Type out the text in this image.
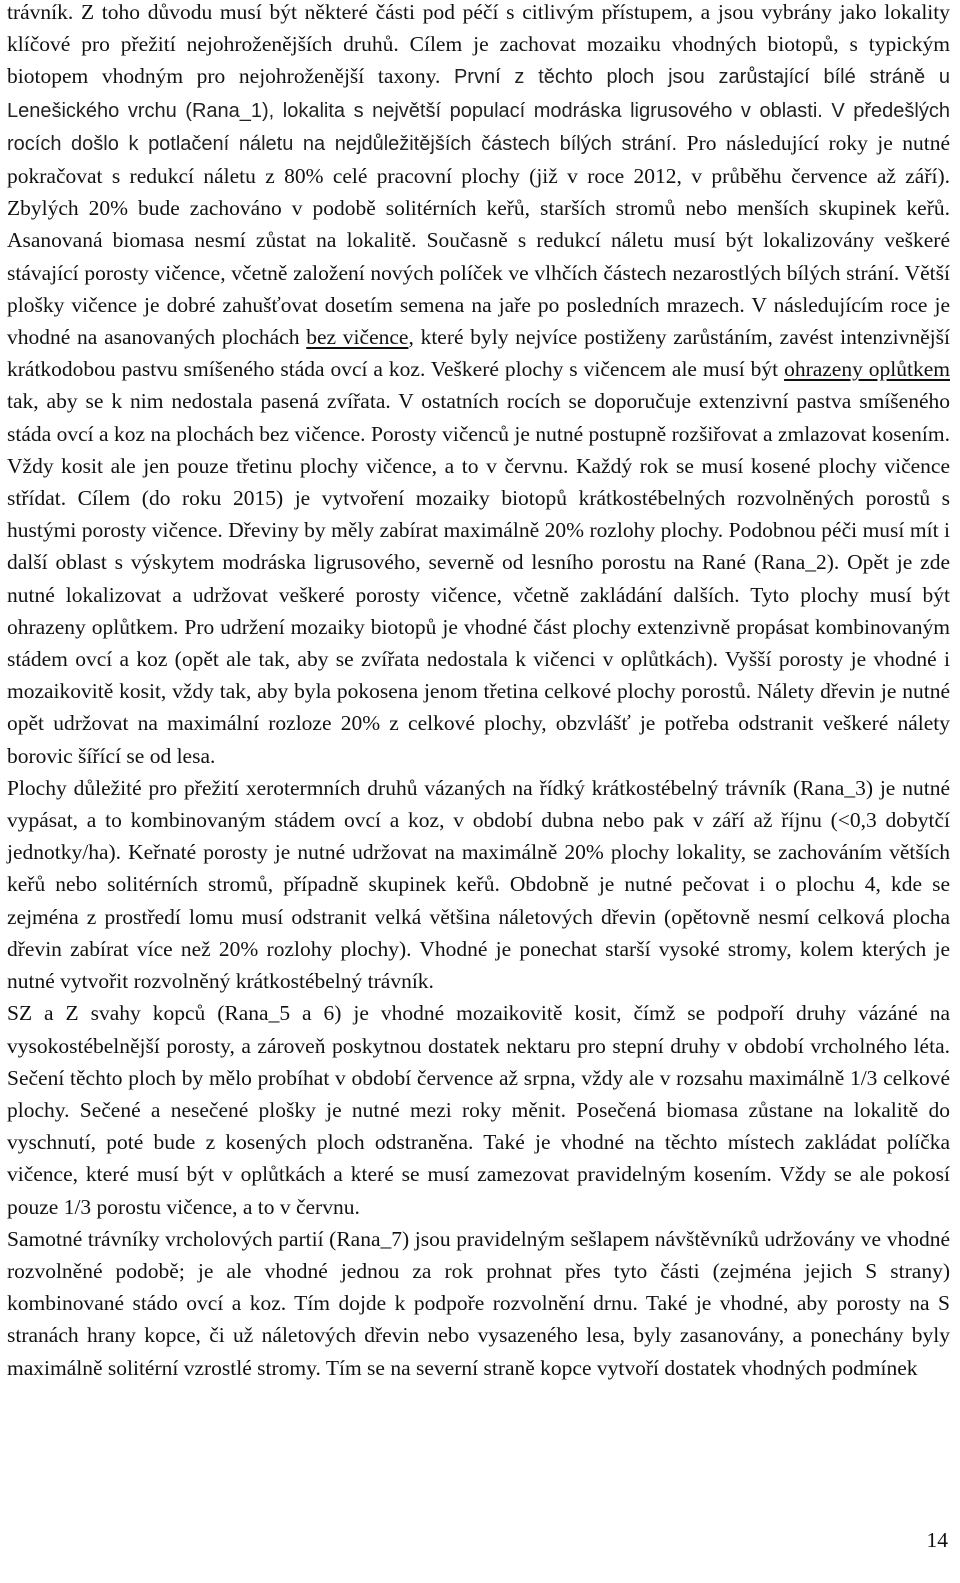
trávník. Z toho důvodu musí být některé části pod péčí s citlivým přístupem, a jsou vybrány jako lokality klíčové pro přežití nejohroženějších druhů. Cílem je zachovat mozaiku vhodných biotopů, s typickým biotopem vhodným pro nejohroženější taxony. První z těchto ploch jsou zarůstající bílé stráně u Lenešického vrchu (Rana_1), lokalita s největší populací modráska ligrusového v oblasti. V předešlých rocích došlo k potlačení náletu na nejdůležitějších částech bílých strání. Pro následující roky je nutné pokračovat s redukcí náletu z 80% celé pracovní plochy (již v roce 2012, v průběhu července až září). Zbylých 20% bude zachováno v podobě solitérních keřů, starších stromů nebo menších skupinek keřů. Asanovaná biomasa nesmí zůstat na lokalitě. Současně s redukcí náletu musí být lokalizovány veškeré stávající porosty vičence, včetně založení nových políček ve vlhčích částech nezarostlých bílých strání. Větší plošky vičence je dobré zahušťovat dosetím semena na jaře po posledních mrazech. V následujícím roce je vhodné na asanovaných plochách bez vičence, které byly nejvíce postiženy zarůstáním, zavést intenzivnější krátkodobou pastvu smíšeného stáda ovcí a koz. Veškeré plochy s vičencem ale musí být ohrazeny oplůtkem tak, aby se k nim nedostala pasená zvířata. V ostatních rocích se doporučuje extenzivní pastva smíšeného stáda ovcí a koz na plochách bez vičence. Porosty vičenců je nutné postupně rozšiřovat a zmlazovat kosením. Vždy kosit ale jen pouze třetinu plochy vičence, a to v červnu. Každý rok se musí kosené plochy vičence střídat. Cílem (do roku 2015) je vytvoření mozaiky biotopů krátkostébelných rozvolněných porostů s hustými porosty vičence. Dřeviny by měly zabírat maximálně 20% rozlohy plochy. Podobnou péči musí mít i další oblast s výskytem modráska ligrusového, severně od lesního porostu na Rané (Rana_2). Opět je zde nutné lokalizovat a udržovat veškeré porosty vičence, včetně zakládání dalších. Tyto plochy musí být ohrazeny oplůtkem. Pro udržení mozaiky biotopů je vhodné část plochy extenzivně propásat kombinovaným stádem ovcí a koz (opět ale tak, aby se zvířata nedostala k vičenci v oplůtkách). Vyšší porosty je vhodné i mozaikovitě kosit, vždy tak, aby byla pokosena jenom třetina celkové plochy porostů. Nálety dřevin je nutné opět udržovat na maximální rozloze 20% z celkové plochy, obzvlášť je potřeba odstranit veškeré nálety borovic šířící se od lesa.

Plochy důležité pro přežití xerotermních druhů vázaných na řídký krátkostébelný trávník (Rana_3) je nutné vypásat, a to kombinovaným stádem ovcí a koz, v období dubna nebo pak v září až říjnu (<0,3 dobytčí jednotky/ha). Keřnaté porosty je nutné udržovat na maximálně 20% plochy lokality, se zachováním větších keřů nebo solitérních stromů, případně skupinek keřů. Obdobně je nutné pečovat i o plochu 4, kde se zejména z prostředí lomu musí odstranit velká většina náletových dřevin (opětovně nesmí celková plocha dřevin zabírat více než 20% rozlohy plochy). Vhodné je ponechat starší vysoké stromy, kolem kterých je nutné vytvořit rozvolněný krátkostébelný trávník.

SZ a Z svahy kopců (Rana_5 a 6) je vhodné mozaikovitě kosit, čímž se podpoří druhy vázáné na vysokostébelnější porosty, a zároveň poskytnou dostatek nektaru pro stepní druhy v období vrcholného léta. Sečení těchto ploch by mělo probíhat v období července až srpna, vždy ale v rozsahu maximálně 1/3 celkové plochy. Sečené a nesečené plošky je nutné mezi roky měnit. Posečená biomasa zůstane na lokalitě do vyschnutí, poté bude z kosených ploch odstraněna. Také je vhodné na těchto místech zakládat políčka vičence, které musí být v oplůtkách a které se musí zamezovat pravidelným kosením. Vždy se ale pokosí pouze 1/3 porostu vičence, a to v červnu.

Samotné trávníky vrcholových partií (Rana_7) jsou pravidelným sešlapem návštěvníků udržovány ve vhodné rozvolněné podobě; je ale vhodné jednou za rok prohnat přes tyto části (zejména jejich S strany) kombinované stádo ovcí a koz. Tím dojde k podpoře rozvolnění drnu. Také je vhodné, aby porosty na S stranách hrany kopce, či už náletových dřevin nebo vysazeného lesa, byly zasanovány, a ponechány byly maximálně solitérní vzrostlé stromy. Tím se na severní straně kopce vytvoří dostatek vhodných podmínek

14
